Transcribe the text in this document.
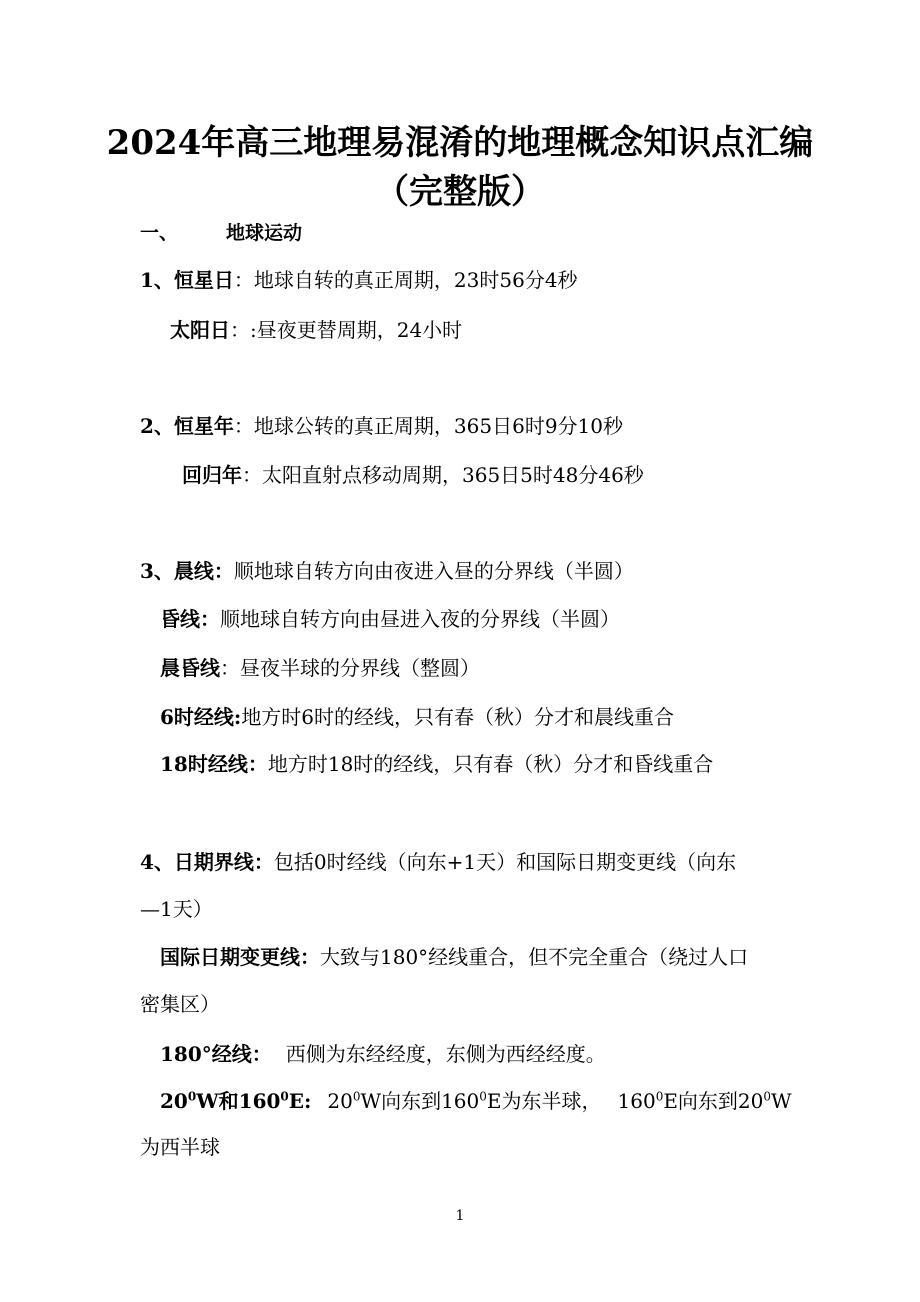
2024年高三地理易混淆的地理概念知识点汇编
（完整版）
一、	地球运动
1、恒星日：地球自转的真正周期，23时56分4秒
太阳日：:昼夜更替周期，24小时
2、恒星年：地球公转的真正周期，365日6时9分10秒
回归年：太阳直射点移动周期，365日5时48分46秒
3、晨线：顺地球自转方向由夜进入昼的分界线（半圆）
昏线：顺地球自转方向由昼进入夜的分界线（半圆）
晨昏线：昼夜半球的分界线（整圆）
6时经线:地方时6时的经线，只有春（秋）分才和晨线重合
18时经线：地方时18时的经线，只有春（秋）分才和昏线重合
4、日期界线：包括0时经线（向东+1天）和国际日期变更线（向东
—1天）
国际日期变更线：大致与180°经线重合，但不完全重合（绕过人口
密集区）
180°经线： 西侧为东经经度，东侧为西经经度。
$20^0W$和$160^0E$: $20^0W$向东到$160^0E$为东半球， $160^0E$向东到$20^0W$
为西半球
1
